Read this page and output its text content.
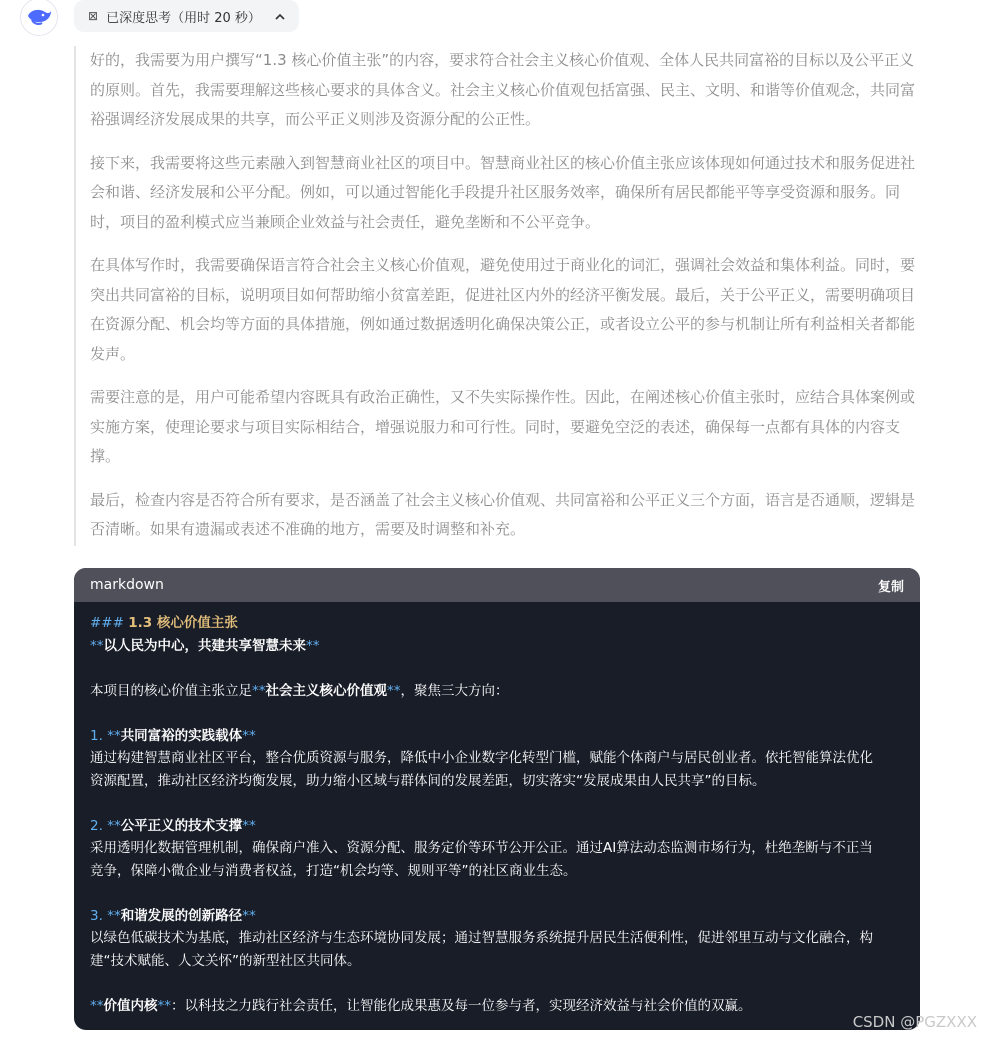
⊠ 已深度思考（用时 20 秒）

好的，我需要为用户撰写“1.3 核心价值主张”的内容，要求符合社会主义核心价值观、全体人民共同富裕的目标以及公平正义的原则。首先，我需要理解这些核心要求的具体含义。社会主义核心价值观包括富强、民主、文明、和谐等价值观念，共同富裕强调经济发展成果的共享，而公平正义则涉及资源分配的公正性。

接下来，我需要将这些元素融入到智慧商业社区的项目中。智慧商业社区的核心价值主张应该体现如何通过技术和服务促进社会和谐、经济发展和公平分配。例如，可以通过智能化手段提升社区服务效率，确保所有居民都能平等享受资源和服务。同时，项目的盈利模式应当兼顾企业效益与社会责任，避免垄断和不公平竞争。

在具体写作时，我需要确保语言符合社会主义核心价值观，避免使用过于商业化的词汇，强调社会效益和集体利益。同时，要突出共同富裕的目标，说明项目如何帮助缩小贫富差距，促进社区内外的经济平衡发展。最后，关于公平正义，需要明确项目在资源分配、机会均等方面的具体措施，例如通过数据透明化确保决策公正，或者设立公平的参与机制让所有利益相关者都能发声。

需要注意的是，用户可能希望内容既具有政治正确性，又不失实际操作性。因此，在阐述核心价值主张时，应结合具体案例或实施方案，使理论要求与项目实际相结合，增强说服力和可行性。同时，要避免空泛的表述，确保每一点都有具体的内容支撑。

最后，检查内容是否符合所有要求，是否涵盖了社会主义核心价值观、共同富裕和公平正义三个方面，语言是否通顺，逻辑是否清晰。如果有遗漏或表述不准确的地方，需要及时调整和补充。

markdown	复制
### 1.3 核心价值主张
**以人民为中心，共建共享智慧未来**
本项目的核心价值主张立足**社会主义核心价值观**，聚焦三大方向：
1. **共同富裕的实践载体**
通过构建智慧商业社区平台，整合优质资源与服务，降低中小企业数字化转型门槛，赋能个体商户与居民创业者。依托智能算法优化
资源配置，推动社区经济均衡发展，助力缩小区域与群体间的发展差距，切实落实“发展成果由人民共享”的目标。
2. **公平正义的技术支撑**
采用透明化数据管理机制，确保商户准入、资源分配、服务定价等环节公开公正。通过AI算法动态监测市场行为，杜绝垄断与不正当
竞争，保障小微企业与消费者权益，打造“机会均等、规则平等”的社区商业生态。
3. **和谐发展的创新路径**
以绿色低碳技术为基底，推动社区经济与生态环境协同发展；通过智慧服务系统提升居民生活便利性，促进邻里互动与文化融合，构
建“技术赋能、人文关怀”的新型社区共同体。
**价值内核**：以科技之力践行社会责任，让智能化成果惠及每一位参与者，实现经济效益与社会价值的双赢。
CSDN @PGZXXX
